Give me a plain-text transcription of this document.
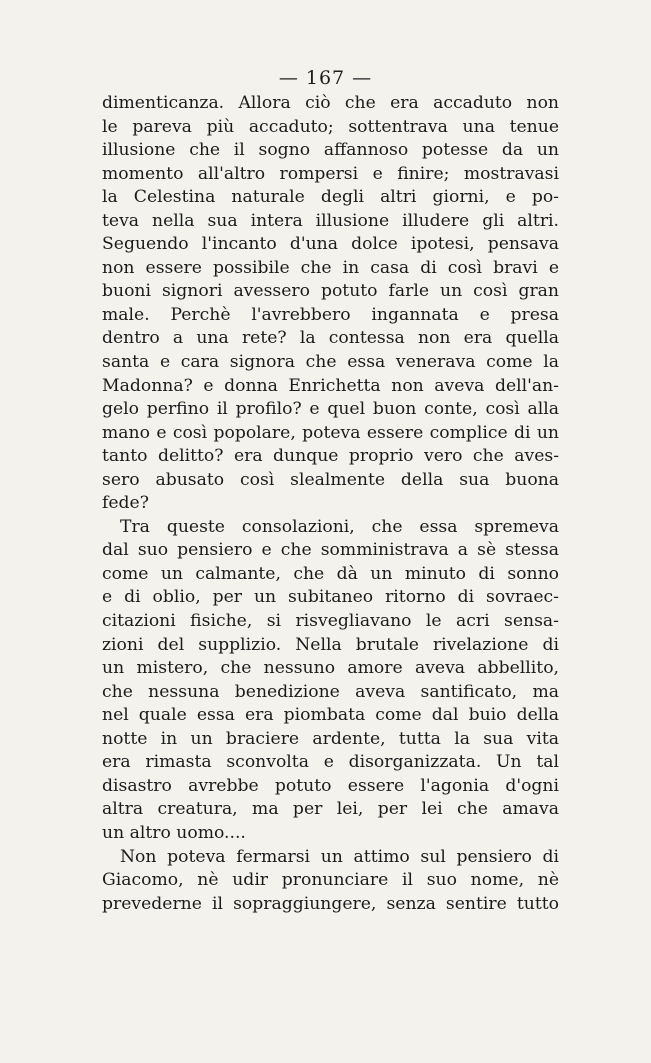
— 167 —
dimenticanza. Allora ciò che era accaduto non
le pareva più accaduto; sottentrava una tenue
illusione che il sogno affannoso potesse da un
momento all'altro rompersi e finire; mostravasi
la Celestina naturale degli altri giorni, e po-
teva nella sua intera illusione illudere gli altri.
Seguendo l'incanto d'una dolce ipotesi, pensava
non essere possibile che in casa di così bravi e
buoni signori avessero potuto farle un così gran
male. Perchè l'avrebbero ingannata e presa
dentro a una rete? la contessa non era quella
santa e cara signora che essa venerava come la
Madonna? e donna Enrichetta non aveva dell'an-
gelo perfino il profilo? e quel buon conte, così alla
mano e così popolare, poteva essere complice di un
tanto delitto? era dunque proprio vero che aves-
sero abusato così slealmente della sua buona
fede?
Tra queste consolazioni, che essa spremeva
dal suo pensiero e che somministrava a sè stessa
come un calmante, che dà un minuto di sonno
e di oblio, per un subitaneo ritorno di sovraec-
citazioni fisiche, si risvegliavano le acri sensa-
zioni del supplizio. Nella brutale rivelazione di
un mistero, che nessuno amore aveva abbellito,
che nessuna benedizione aveva santificato, ma
nel quale essa era piombata come dal buio della
notte in un braciere ardente, tutta la sua vita
era rimasta sconvolta e disorganizzata. Un tal
disastro avrebbe potuto essere l'agonia d'ogni
altra creatura, ma per lei, per lei che amava
un altro uomo....
Non poteva fermarsi un attimo sul pensiero di
Giacomo, nè udir pronunciare il suo nome, nè
prevederne il sopraggiungere, senza sentire tutto
